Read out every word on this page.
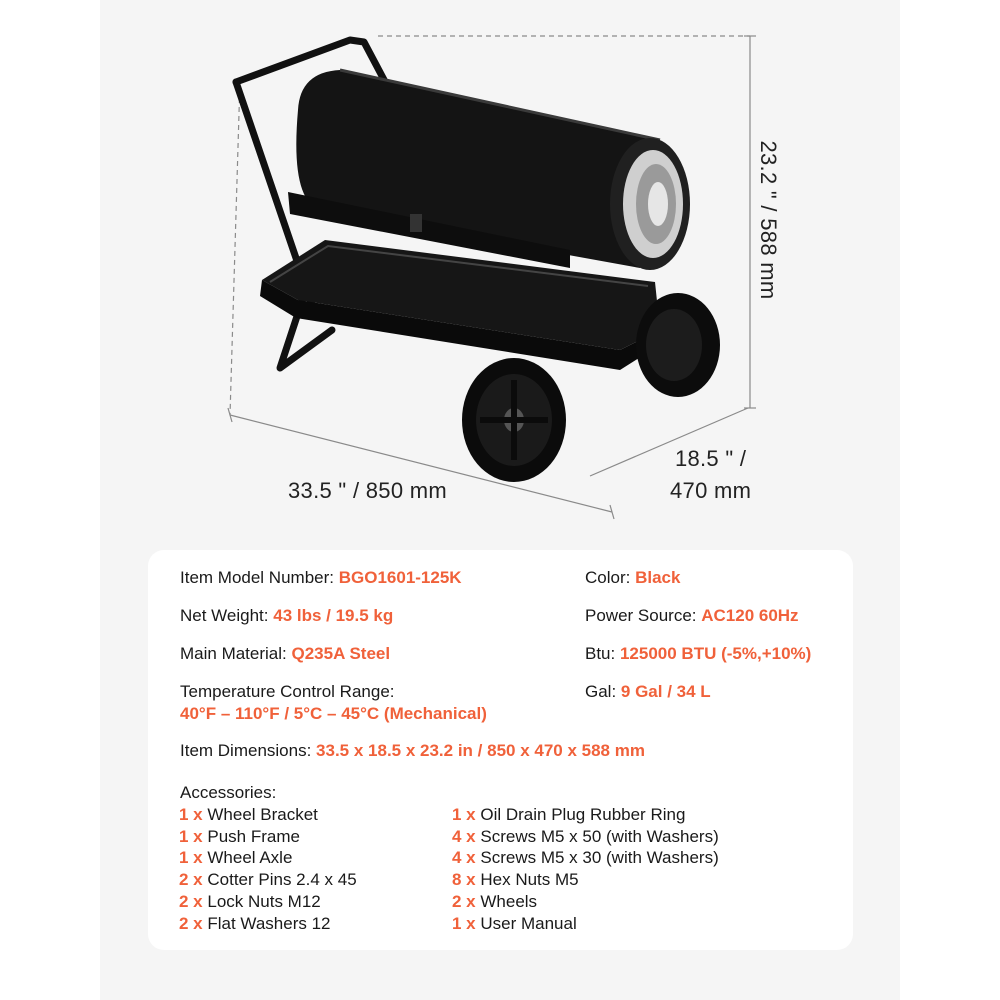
33.5 ʺ / 850 mm
18.5 ʺ /
470 mm
23.2 ʺ / 588 mm
Item Model Number: BGO1601-125K	Color: Black
Net Weight: 43 lbs / 19.5 kg	Power Source: AC120 60Hz
Main Material: Q235A Steel	Btu: 125000 BTU (-5%,+10%)
Temperature Control Range:
40°F – 110°F / 5°C – 45°C (Mechanical)
Gal: 9 Gal / 34 L
Item Dimensions: 33.5 x 18.5 x 23.2 in / 850 x 470 x 588 mm
Accessories:
1 x Wheel Bracket
1 x Push Frame
1 x Wheel Axle
2 x Cotter Pins 2.4 x 45
2 x Lock Nuts M12
2 x Flat Washers 12
1 x Oil Drain Plug Rubber Ring
4 x Screws M5 x 50 (with Washers)
4 x Screws M5 x 30 (with Washers)
8 x Hex Nuts M5
2 x Wheels
1 x User Manual
